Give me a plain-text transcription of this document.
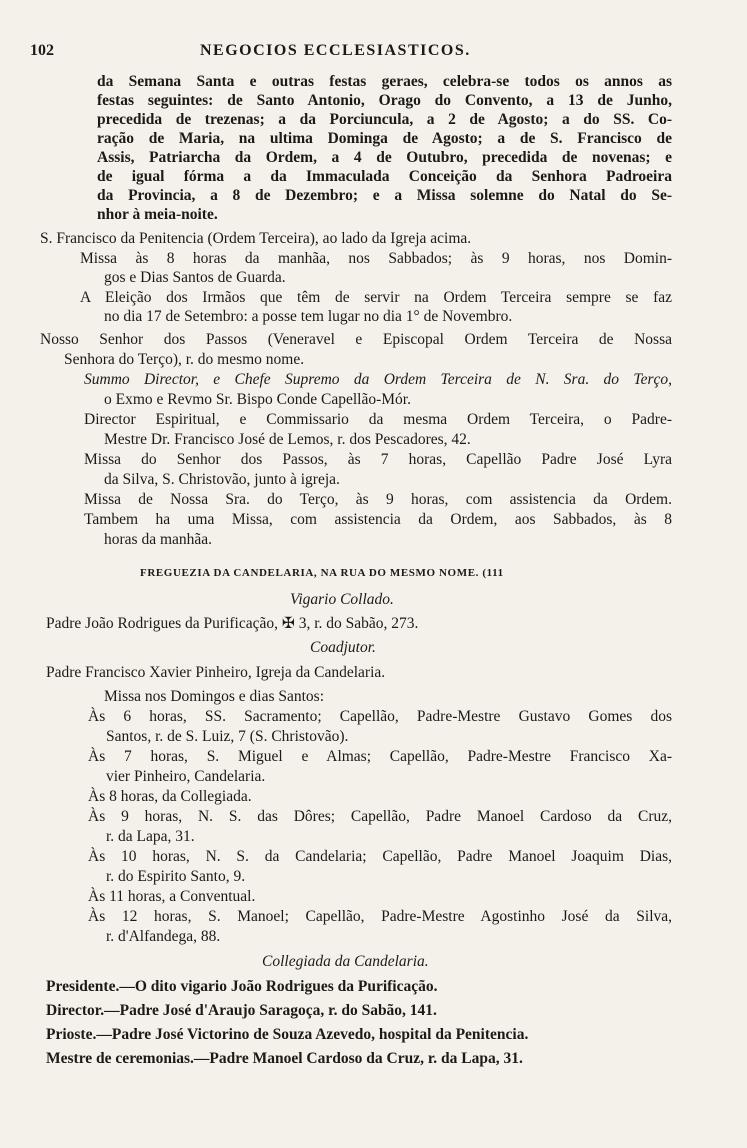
102	NEGOCIOS ECCLESIASTICOS.
da Semana Santa e outras festas geraes, celebra-se todos os annos as
festas seguintes: de Santo Antonio, Orago do Convento, a 13 de Junho,
precedida de trezenas; a da Porciuncula, a 2 de Agosto; a do SS. Co-
ração de Maria, na ultima Dominga de Agosto; a de S. Francisco de
Assis, Patriarcha da Ordem, a 4 de Outubro, precedida de novenas; e
de igual fórma a da Immaculada Conceição da Senhora Padroeira
da Provincia, a 8 de Dezembro; e a Missa solemne do Natal do Se-
nhor à meia-noite.
S. Francisco da Penitencia (Ordem Terceira), ao lado da Igreja acima.
Missa às 8 horas da manhãa, nos Sabbados; às 9 horas, nos Domin-
gos e Dias Santos de Guarda.
A Eleição dos Irmãos que têm de servir na Ordem Terceira sempre se faz
no dia 17 de Setembro: a posse tem lugar no dia 1° de Novembro.
Nosso Senhor dos Passos (Veneravel e Episcopal Ordem Terceira de Nossa
Senhora do Terço), r. do mesmo nome.
Summo Director, e Chefe Supremo da Ordem Terceira de N. Sra. do Terço,
o Exmo e Revmo Sr. Bispo Conde Capellão-Mór.
Director Espiritual, e Commissario da mesma Ordem Terceira, o Padre-
Mestre Dr. Francisco José de Lemos, r. dos Pescadores, 42.
Missa do Senhor dos Passos, às 7 horas, Capellão Padre José Lyra
da Silva, S. Christovão, junto à igreja.
Missa de Nossa Sra. do Terço, às 9 horas, com assistencia da Ordem.
Tambem ha uma Missa, com assistencia da Ordem, aos Sabbados, às 8
horas da manhãa.
FREGUEZIA DA CANDELARIA, NA RUA DO MESMO NOME. (111
Vigario Collado.
Padre João Rodrigues da Purificação, ✠ 3, r. do Sabão, 273.
Coadjutor.
Padre Francisco Xavier Pinheiro, Igreja da Candelaria.
Missa nos Domingos e dias Santos:
Às 6 horas, SS. Sacramento; Capellão, Padre-Mestre Gustavo Gomes dos
Santos, r. de S. Luiz, 7 (S. Christovão).
Às 7 horas, S. Miguel e Almas; Capellão, Padre-Mestre Francisco Xa-
vier Pinheiro, Candelaria.
Às 8 horas, da Collegiada.
Às 9 horas, N. S. das Dôres; Capellão, Padre Manoel Cardoso da Cruz,
r. da Lapa, 31.
Às 10 horas, N. S. da Candelaria; Capellão, Padre Manoel Joaquim Dias,
r. do Espirito Santo, 9.
Às 11 horas, a Conventual.
Às 12 horas, S. Manoel; Capellão, Padre-Mestre Agostinho José da Silva,
r. d'Alfandega, 88.
Collegiada da Candelaria.
Presidente.—O dito vigario João Rodrigues da Purificação.
Director.—Padre José d'Araujo Saragoça, r. do Sabão, 141.
Prioste.—Padre José Victorino de Souza Azevedo, hospital da Penitencia.
Mestre de ceremonias.—Padre Manoel Cardoso da Cruz, r. da Lapa, 31.
